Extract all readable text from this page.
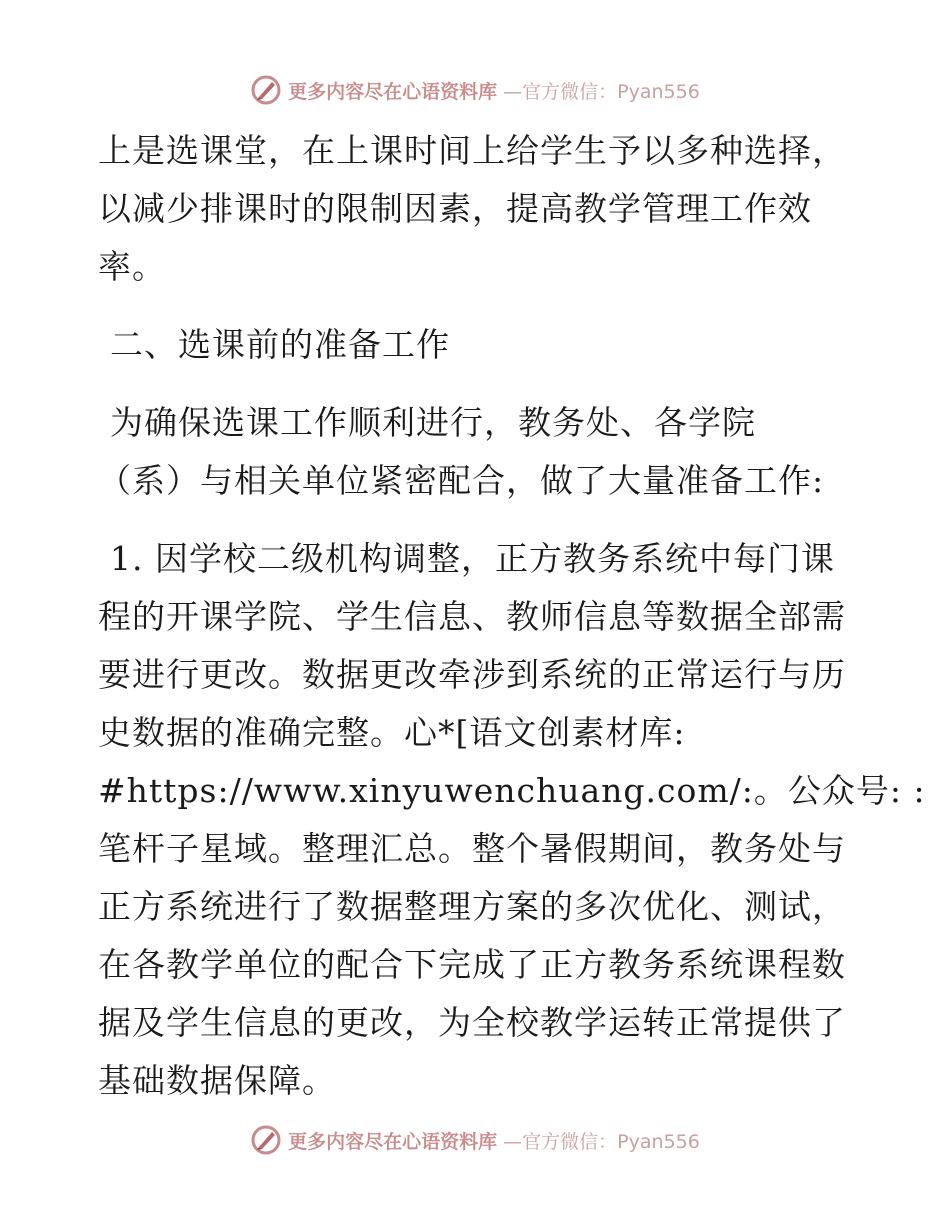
更多内容尽在心语资料库 —官方微信：Pyan556
上是选课堂，在上课时间上给学生予以多种选择，
以减少排课时的限制因素，提高教学管理工作效
率。
二、选课前的准备工作
为确保选课工作顺利进行，教务处、各学院
（系）与相关单位紧密配合，做了大量准备工作:
1. 因学校二级机构调整，正方教务系统中每门课
程的开课学院、学生信息、教师信息等数据全部需
要进行更改。数据更改牵涉到系统的正常运行与历
史数据的准确完整。心*[语文创素材库:
#https://www.xinyuwenchuang.com/:。公众号: :
笔杆子星域。整理汇总。整个暑假期间，教务处与
正方系统进行了数据整理方案的多次优化、测试，
在各教学单位的配合下完成了正方教务系统课程数
据及学生信息的更改，为全校教学运转正常提供了
基础数据保障。
更多内容尽在心语资料库 —官方微信：Pyan556
